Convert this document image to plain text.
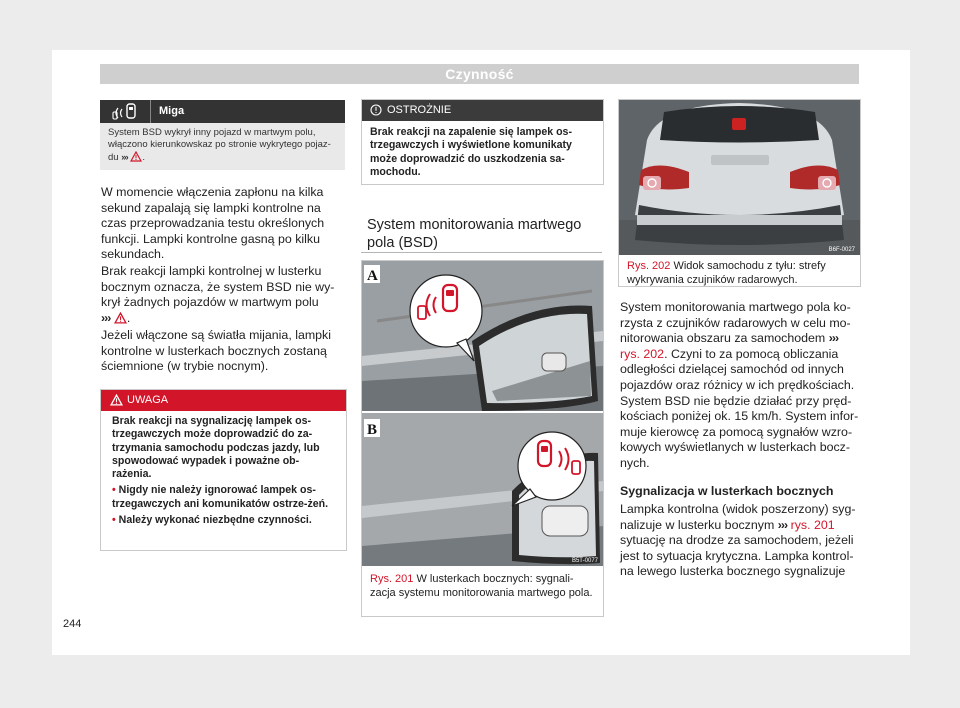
Czynność
Miga

System BSD wykrył inny pojazd w martwym polu, włączono kierunkowskaz po stronie wykrytego pojaz-du ››› .

W momencie włączenia zapłonu na kilka sekund zapalają się lampki kontrolne na czas przeprowadzania testu określonych funkcji. Lampki kontrolne gasną po kilku sekundach.

Brak reakcji lampki kontrolnej w lusterku bocznym oznacza, że system BSD nie wy-krył żadnych pojazdów w martwym polu
››› .

Jeżeli włączone są światła mijania, lampki kontrolne w lusterkach bocznych zostaną ściemnione (w trybie nocnym).

UWAGA

Brak reakcji na sygnalizację lampek os-trzegawczych może doprowadzić do za-trzymania samochodu podczas jazdy, lub spowodować wypadek i poważne ob-rażenia.

• Nigdy nie należy ignorować lampek os-trzegawczych ani komunikatów ostrze-żeń.

• Należy wykonać niezbędne czynności.

244
OSTROŻNIE
Brak reakcji na zapalenie się lampek os-trzegawczych i wyświetlone komunikaty może doprowadzić do uszkodzenia sa-mochodu.
System monitorowania martwego pola (BSD)
A
B
B5T-0077
Rys. 201 W lusterkach bocznych: sygnali-zacja systemu monitorowania martwego pola.
B6F-0027
Rys. 202 Widok samochodu z tyłu: strefy wykrywania czujników radarowych.

System monitorowania martwego pola ko-rzysta z czujników radarowych w celu mo-nitorowania obszaru za samochodem ››› rys. 202. Czyni to za pomocą obliczania odległości dzielącej samochód od innych pojazdów oraz różnicy w ich prędkościach. System BSD nie będzie działać przy pręd-kościach poniżej ok. 15 km/h. System infor-muje kierowcę za pomocą sygnałów wzro-kowych wyświetlanych w lusterkach bocz-nych.

Sygnalizacja w lusterkach bocznych

Lampka kontrolna (widok poszerzony) syg-nalizuje w lusterku bocznym ››› rys. 201 sytuację na drodze za samochodem, jeżeli jest to sytuacja krytyczna. Lampka kontrol-na lewego lusterka bocznego sygnalizuje
